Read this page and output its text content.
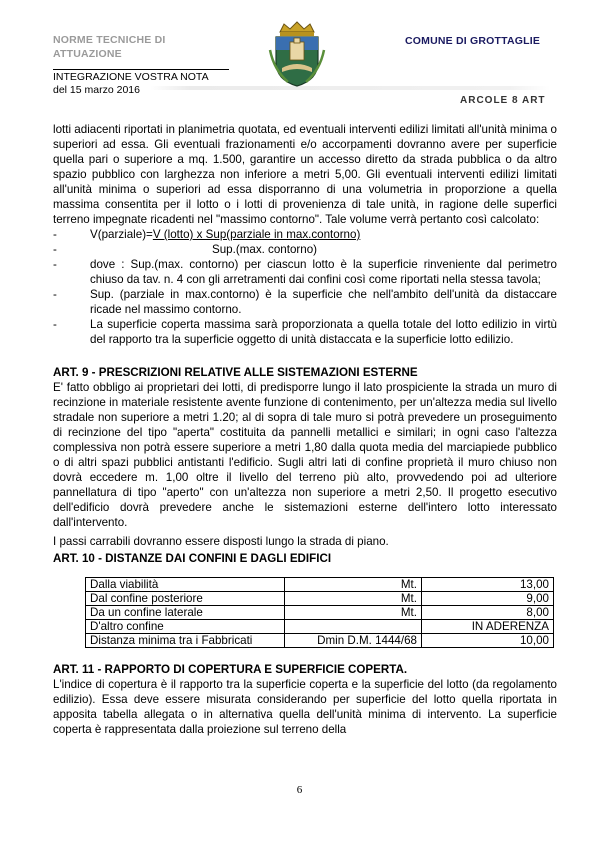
NORME TECNICHE DI ATTUAZIONE
COMUNE DI GROTTAGLIE
INTEGRAZIONE VOSTRA NOTA
del 15 marzo 2016
ARCOLE 8 ART

lotti adiacenti riportati in planimetria quotata, ed eventuali interventi edilizi limitati all'unità minima o superiori ad essa. Gli eventuali frazionamenti e/o accorpamenti dovranno avere per superficie quella pari o superiore a mq. 1.500, garantire un accesso diretto da strada pubblica o da altro spazio pubblico con larghezza non inferiore a metri 5,00. Gli eventuali interventi edilizi limitati all'unità minima o superiori ad essa disporranno di una volumetria in proporzione a quella massima consentita per il lotto o i lotti di provenienza di tale unità, in ragione delle superfici terreno impegnate ricadenti nel "massimo contorno". Tale volume verrà pertanto così calcolato:

-	V(parziale)= V (lotto) x Sup(parziale in max.contorno)
-	Sup.(max. contorno)
-	dove : Sup.(max. contorno) per ciascun lotto è la superficie rinveniente dal perimetro chiuso da tav. n. 4 con gli arretramenti dai confini così come riportati nella stessa tavola;
-	Sup. (parziale in max.contorno) è la superficie che nell'ambito dell'unità da distaccare ricade nel massimo contorno.
-	La superficie coperta massima sarà proporzionata a quella totale del lotto edilizio in virtù del rapporto tra la superficie oggetto di unità distaccata e la superficie lotto edilizio.
ART. 9 - PRESCRIZIONI RELATIVE ALLE SISTEMAZIONI ESTERNE

E' fatto obbligo ai proprietari dei lotti, di predisporre lungo il lato prospiciente la strada un muro di recinzione in materiale resistente avente funzione di contenimento, per un'altezza media sul livello stradale non superiore a metri 1.20; al di sopra di tale muro si potrà prevedere un proseguimento di recinzione del tipo "aperta" costituita da pannelli metallici e similari; in ogni caso l'altezza complessiva non potrà essere superiore a metri 1,80 dalla quota media del marciapiede pubblico o di altri spazi pubblici antistanti l'edificio. Sugli altri lati di confine proprietà il muro chiuso non dovrà eccedere m. 1,00 oltre il livello del terreno più alto, provvedendo poi ad ulteriore pannellatura di tipo "aperto" con un'altezza non superiore a metri 2,50. Il progetto esecutivo dell'edificio dovrà prevedere anche le sistemazioni esterne dell'intero lotto interessato dall'intervento.

I passi carrabili dovranno essere disposti lungo la strada di piano.

ART. 10 - DISTANZE DAI CONFINI E DAGLI EDIFICI
Dalla viabilità	Mt.	13,00
Dal confine posteriore	Mt.	9,00
Da un confine laterale	Mt.	8,00
D'altro confine		IN ADERENZA
Distanza minima tra i Fabbricati	Dmin D.M. 1444/68	10,00
ART. 11 - RAPPORTO DI COPERTURA E SUPERFICIE COPERTA.

L'indice di copertura è il rapporto tra la superficie coperta e la superficie del lotto (da regolamento edilizio). Essa deve essere misurata considerando per superficie del lotto quella riportata in apposita tabella allegata o in alternativa quella dell'unità minima di intervento. La superficie coperta è rappresentata dalla proiezione sul terreno della

6
